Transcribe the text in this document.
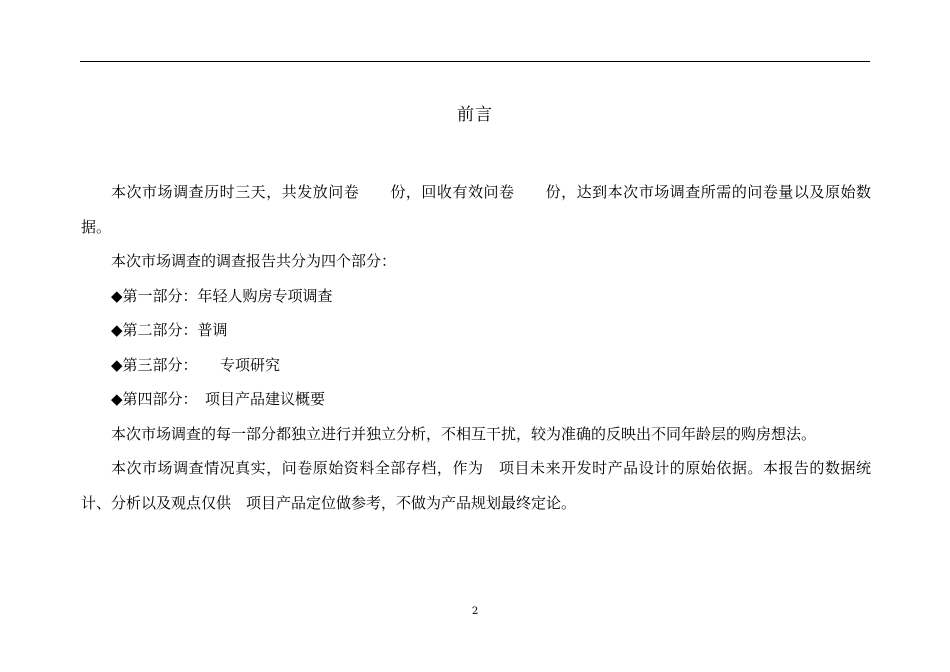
前言

本次市场调查历时三天，共发放问卷　　份，回收有效问卷　　份，达到本次市场调查所需的问卷量以及原始数据。

本次市场调查的调查报告共分为四个部分：

◆第一部分：年轻人购房专项调查

◆第二部分：普调

◆第三部分：　　专项研究

◆第四部分：　项目产品建议概要

本次市场调查的每一部分都独立进行并独立分析，不相互干扰，较为准确的反映出不同年龄层的购房想法。

本次市场调查情况真实，问卷原始资料全部存档，作为　项目未来开发时产品设计的原始依据。本报告的数据统计、分析以及观点仅供　项目产品定位做参考，不做为产品规划最终定论。

2
